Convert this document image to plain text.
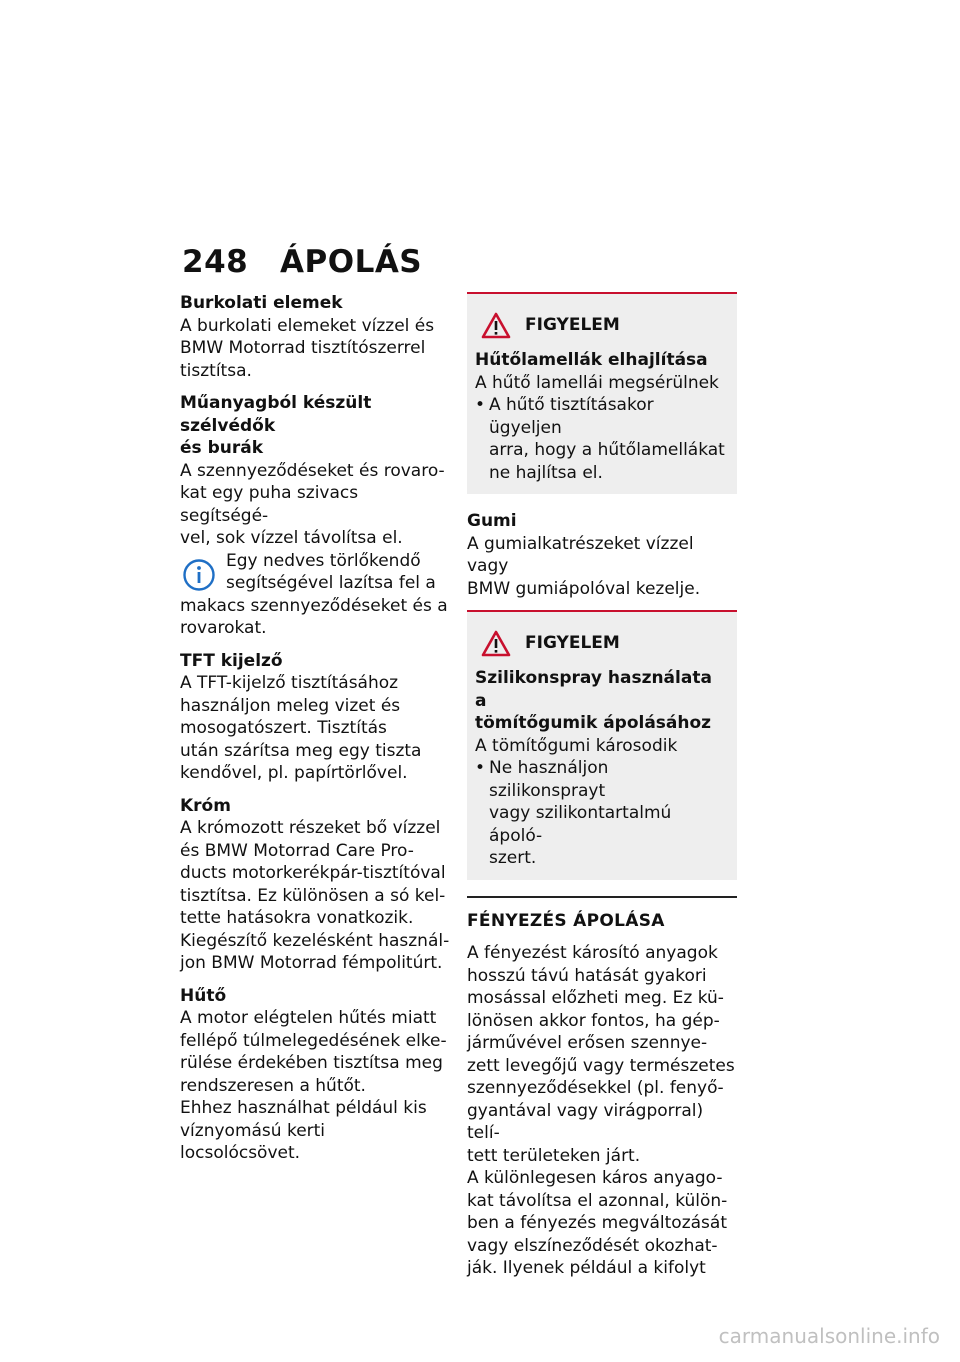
248 ÁPOLÁS

Burkolati elemek

A burkolati elemeket vízzel és

BMW Motorrad tisztítószerrel

tisztítsa.

Műanyagból készült szélvédők

és burák

A szennyeződéseket és rovaro-

kat egy puha szivacs segítségé-

vel, sok vízzel távolítsa el.

Egy nedves törlőkendő

segítségével lazítsa fel a

makacs szennyeződéseket és a

rovarokat.

TFT kijelző

A TFT-kijelző tisztításához

használjon meleg vizet és

mosogatószert. Tisztítás

után szárítsa meg egy tiszta

kendővel, pl. papírtörlővel.

Króm

A krómozott részeket bő vízzel

és BMW Motorrad Care Pro-

ducts motorkerékpár-tisztítóval

tisztítsa. Ez különösen a só kel-

tette hatásokra vonatkozik.

Kiegészítő kezelésként használ-

jon BMW Motorrad fémpolitúrt.

Hűtő

A motor elégtelen hűtés miatt

fellépő túlmelegedésének elke-

rülése érdekében tisztítsa meg

rendszeresen a hűtőt.

Ehhez használhat például kis

víznyomású kerti locsolócsövet.

FIGYELEM

Hűtőlamellák elhajlítása

A hűtő lamellái megsérülnek

• A hűtő tisztításakor ügyeljen

arra, hogy a hűtőlamellákat

ne hajlítsa el.

Gumi

A gumialkatrészeket vízzel vagy

BMW gumiápolóval kezelje.

FIGYELEM

Szilikonspray használata a

tömítőgumik ápolásához

A tömítőgumi károsodik

• Ne használjon szilikonsprayt

vagy szilikontartalmú ápoló-

szert.

FÉNYEZÉS ÁPOLÁSA

A fényezést károsító anyagok

hosszú távú hatását gyakori

mosással előzheti meg. Ez kü-

lönösen akkor fontos, ha gép-

járművével erősen szennye-

zett levegőjű vagy természetes

szennyeződésekkel (pl. fenyő-

gyantával vagy virágporral) telí-

tett területeken járt.

A különlegesen káros anyago-

kat távolítsa el azonnal, külön-

ben a fényezés megváltozását

vagy elszíneződését okozhat-

ják. Ilyenek például a kifolyt

carmanualsonline.info
